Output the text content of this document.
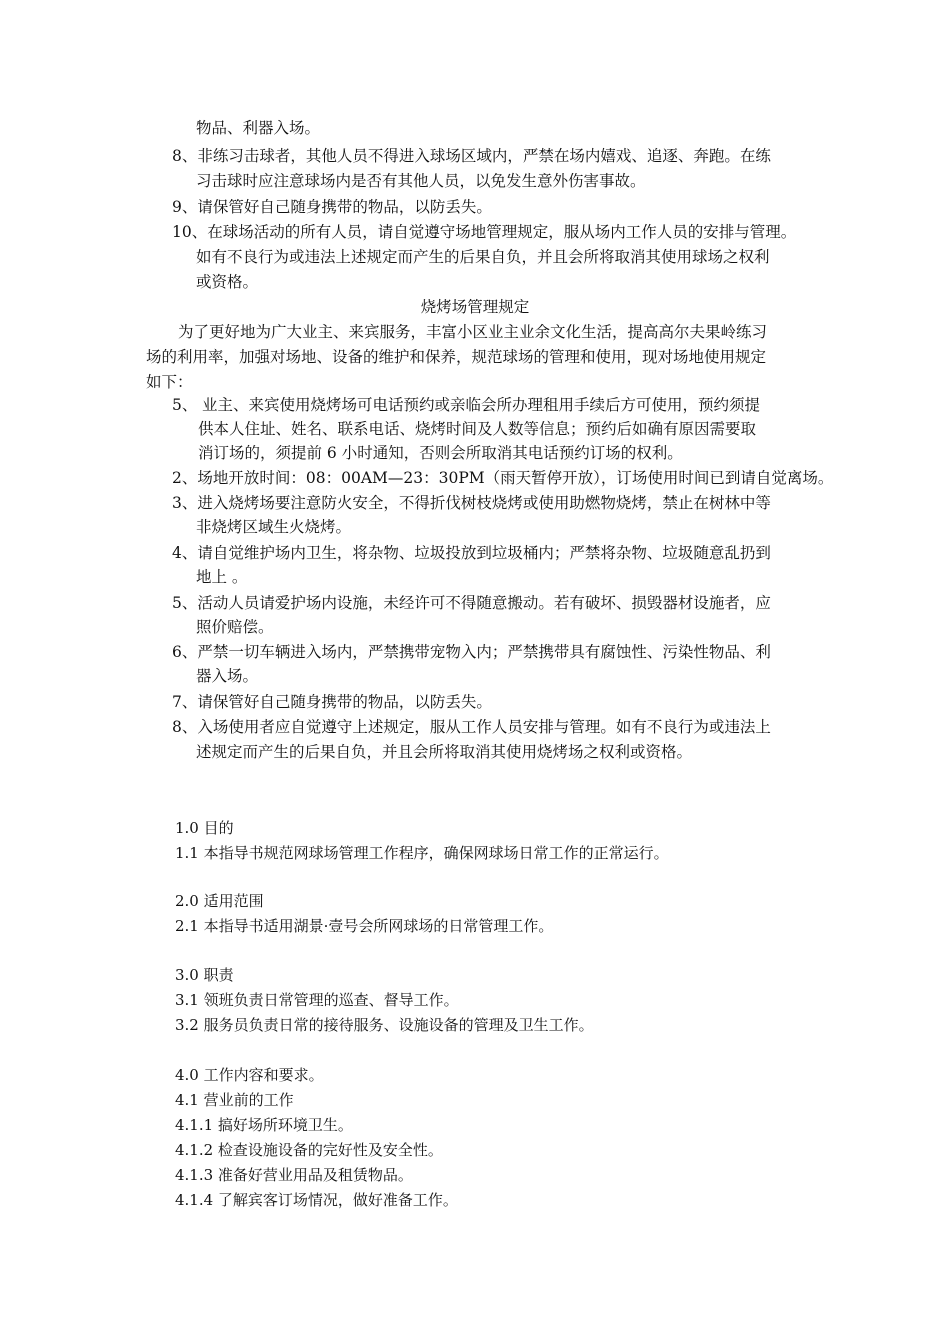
物品、利器入场。
8、非练习击球者，其他人员不得进入球场区域内，严禁在场内嬉戏、追逐、奔跑。在练
习击球时应注意球场内是否有其他人员，以免发生意外伤害事故。
9、请保管好自己随身携带的物品，以防丢失。
10、在球场活动的所有人员，请自觉遵守场地管理规定，服从场内工作人员的安排与管理。
如有不良行为或违法上述规定而产生的后果自负，并且会所将取消其使用球场之权利
或资格。
烧烤场管理规定
为了更好地为广大业主、来宾服务，丰富小区业主业余文化生活，提高高尔夫果岭练习
场的利用率，加强对场地、设备的维护和保养，规范球场的管理和使用，现对场地使用规定
如下：
5、 业主、来宾使用烧烤场可电话预约或亲临会所办理租用手续后方可使用，预约须提
供本人住址、姓名、联系电话、烧烤时间及人数等信息；预约后如确有原因需要取
消订场的，须提前 6 小时通知，否则会所取消其电话预约订场的权利。
2、场地开放时间：08：00AM—23：30PM（雨天暂停开放），订场使用时间已到请自觉离场。
3、进入烧烤场要注意防火安全，不得折伐树枝烧烤或使用助燃物烧烤，禁止在树林中等
非烧烤区域生火烧烤。
4、请自觉维护场内卫生，将杂物、垃圾投放到垃圾桶内；严禁将杂物、垃圾随意乱扔到
地上 。
5、活动人员请爱护场内设施，未经许可不得随意搬动。若有破坏、损毁器材设施者，应
照价赔偿。
6、严禁一切车辆进入场内，严禁携带宠物入内；严禁携带具有腐蚀性、污染性物品、利
器入场。
7、请保管好自己随身携带的物品，以防丢失。
8、入场使用者应自觉遵守上述规定，服从工作人员安排与管理。如有不良行为或违法上
述规定而产生的后果自负，并且会所将取消其使用烧烤场之权利或资格。
1.0 目的
1.1 本指导书规范网球场管理工作程序，确保网球场日常工作的正常运行。
2.0 适用范围
2.1 本指导书适用湖景·壹号会所网球场的日常管理工作。
3.0 职责
3.1 领班负责日常管理的巡查、督导工作。
3.2 服务员负责日常的接待服务、设施设备的管理及卫生工作。
4.0 工作内容和要求。
4.1 营业前的工作
4.1.1 搞好场所环境卫生。
4.1.2 检查设施设备的完好性及安全性。
4.1.3 准备好营业用品及租赁物品。
4.1.4 了解宾客订场情况，做好准备工作。
